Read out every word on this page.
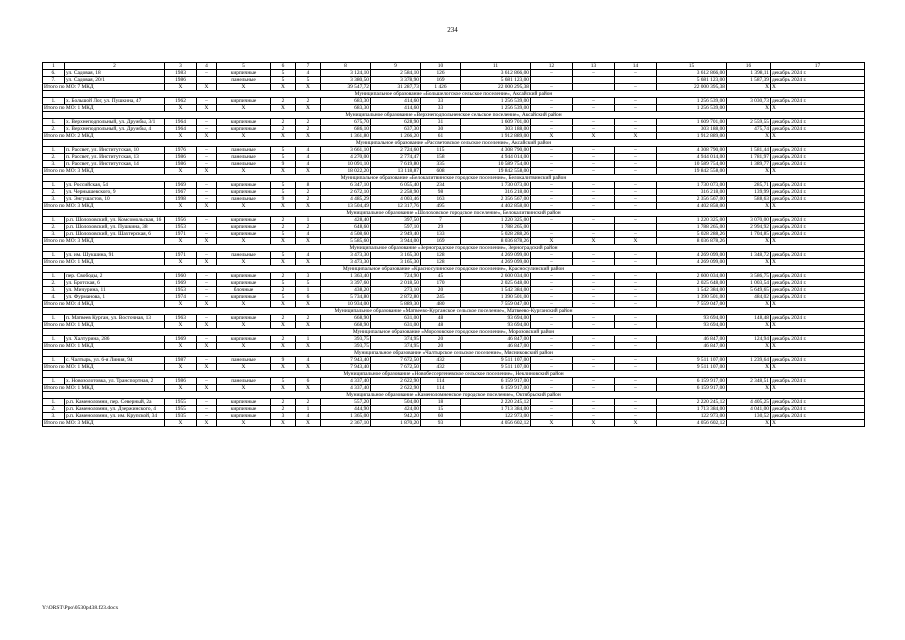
234
1	2	3	4	5	6	7	8	9	10	11	12	13	14	15	16	17
6.	ул. Садовая, 18	1983	–	кирпичные	5	4	3 124,10	2 584,10	126	3 612 866,00	–	–	–	3 612 866,00	1 398,11	декабрь 2024 г.
7.	ул. Садовая, 20/1	1986		панельные	5	5	3 380,50	3 378,90	169	5 681 123,00				5 681 123,00	1 587,39	декабрь 2024 г.
Итого по МО: 7 МКД		X	X	X	X	X	39 547,72	31 287,73	1 426	22 000 295,38	–		–	22 000 395,38	X	X
Муниципальное образование «Большелогское сельское поселение», Аксайский район																
1.	х. Большой Лог, ул. Пушкина, 47	1962	–	кирпичные	2	2	683,30	414,60	33	1 256 539,00	–	–	–	1 256 539,00	3 030,73	декабрь 2024 г.
Итого по МО: 1 МКД		X	X	X	X	X	683,30	414,60	33	1 256 539,00	–	–	–	1 256 539,00	X	X
Муниципальное образование «Верхнеподпольненское сельское поселение», Аксайский район																
1.	х. Верхнеподпольный, ул. Дружбы, 3/1	1964	–	кирпичные	2	2	675,70	628,90	31	1 609 701,00	–	–	–	1 609 701,00	2 559,55	декабрь 2024 г.
2.	х. Верхнеподпольный, ул. Дружбы, 4	1964	–	кирпичные	2	2	686,10	637,30	30	303 188,00	–	–	–	303 188,00	475,74	декабрь 2024 г.
Итого по МО: 2 МКД		X	X	X	X	X	1 361,80	1 266,20	61	1 912 889,00	X	X	X	1 912 889,00	X	X
Муниципальное образование «Рассветовское сельское поселение», Аксайский район																
1.	п. Рассвет, ул. Институтская, 10	1976	–	панельные	5	4	3 661,10	2 724,60	115	4 308 790,00	–	–	–	4 308 790,00	1 581,44	декабрь 2024 г.
2.	п. Рассвет, ул. Институтская, 13	1986	–	панельные	5	4	4 270,00	2 774,47	158	4 944 014,00	–	–	–	4 944 014,00	1 781,97	декабрь 2024 г.
3.	п. Рассвет, ул. Институтская, 14	1986	–	панельные	9	4	10 091,10	7 619,80	335	10 589 754,00	–	–	–	10 589 754,00	1 389,77	декабрь 2024 г.
Итого по МО: 3 МКД		X	X	X	X	X	18 022,20	13 118,87	608	19 842 558,00	–	–	–	19 842 558,00	X	X
Муниципальное образование «Белокалитвинское городское поселение», Белокалитвинский район																
1.	ул. Российская, 54	1969	–	кирпичные	5	8	6 347,10	6 055,40	234	1 730 073,00	–	–	–	1 730 073,00	285,71	декабрь 2024 г.
2.	ул. Чернышевского, 9	1967	–	кирпичные	5	2	2 672,10	2 258,90	98	316 218,00	–	–	–	316 218,00	139,99	декабрь 2024 г.
3.	ул. Энгушастов, 10	1998	–	панельные	9	2	4 485,29	4 003,46	163	2 356 567,00	–	–	–	2 356 567,00	588,63	декабрь 2024 г.
Итого по МО: 3 МКД		X	X	X	X	X	13 504,49	12 317,76	495	4 402 858,00	–	–	–	4 402 858,00	X	X
Муниципальное образование «Шолоховское городское поселение», Белокалитвинский район																
1.	р.п. Шолоховский, ул. Комсомольская, 16	1956	–	кирпичные	2	1	428,40	397,50	7	1 220 325,00	–	–	–	1 220 325,00	3 070,00	декабрь 2024 г.
2.	р.п. Шолоховский, ул. Пушкина, 38	1953		кирпичные	2	2	648,60	597,10	29	1 788 265,00				1 788 265,00	2 994,92	декабрь 2024 г.
3.	р.п. Шолоховский, ул. Шахтерская, 6	1971	–	кирпичные	5	4	4 508,60	2 949,40	133	5 028 288,26	–	–	–	5 028 288,26	1 704,85	декабрь 2024 г.
Итого по МО: 3 МКД		X	X	X	X	X	5 585,60	3 944,00	169	8 036 878,26	X	X	X	8 036 878,26	X	X
Муниципальное образование «Зерноградское городское поселение», Зерноградский район																
1.	ул. им. Шукшина, 91	1971	–	панельные	5	4	3 473,30	3 165,30	128	4 269 099,00	–	–	–	4 269 099,00	1 348,72	декабрь 2024 г.
Итого по МО: 1 МКД		X	X	X	X	X	3 473,30	3 165,30	128	4 269 099,00	–	–	–	4 269 099,00	X	X
Муниципальное образование «Красносулинское городское поселение», Красносулинский район																
1.	пер. Свободы, 2	1960	–	кирпичные	2	3	1 363,40	724,90	45	2 600 034,00	–	–	–	2 600 034,00	3 586,75	декабрь 2024 г.
2.	ул. Бротская, 6	1969	–	кирпичные	5	5	3 397,60	2 018,50	170	2 025 648,00	–	–	–	2 025 648,00	1 003,54	декабрь 2024 г.
3.	ул. Мичурина, 11	1953	–	блочные	2	1	438,20	273,10	20	1 542 384,00	–	–	–	1 542 384,00	5 649,65	декабрь 2024 г.
4.	ул. Фурманова, 1	1974	–	кирпичные	5	6	5 734,80	2 872,80	245	1 390 501,00	–	–	–	1 390 501,00	484,02	декабрь 2024 г.
Итого по МО: 4 МКД		X	X	X	X	X	10 934,00	5 889,30	480	7 559 047,00	–	–	–	7 559 047,00	X	X
Муниципальное образование «Матвеево-Курганское сельское поселение», Матвеево-Курганский район																
1.	п. Матвеев Курган, ул. Восточная, 13	1963	–	кирпичные	2	2	668,90	631,00	48	93 694,00	–	–	–	93 694,00	148,48	декабрь 2024 г.
Итого по МО: 1 МКД		X	X	X	X	X	668,90	631,00	48	93 694,00	–	–	–	93 694,00	X	X
Муниципальное образование «Морозовское городское поселение», Морозовский район																
1.	ул. Халтурина, 286	1969	–	кирпичные	2	1	393,75	374,95	20	46 847,00	–	–	–	46 847,00	124,94	декабрь 2024 г.
Итого по МО: 1 МКД		X	X	X	X	X	393,75	374,95	20	46 847,00	–	–	–	46 847,00	X	X
Муниципальное образование «Чалтырское сельское поселение», Мясниковский район																
1.	с. Чалтырь, ул. 6-я Линия, 94	1987	–	панельные	9	4	7 943,40	7 672,50	432	9 511 107,00	–	–	–	9 511 107,00	1 239,64	декабрь 2024 г.
Итого по МО: 1 МКД		X	X	X	X	X	7 943,40	7 672,50	432	9 511 107,00	–	–	–	9 511 107,00	X	X
Муниципальное образование «Новобессергеневское сельское поселение», Неклиновский район																
1.	х. Новозолотовка, ул. Транспортная, 2	1986	–	панельные	5	6	4 337,40	2 622,90	114	6 159 917,00	–	–	–	6 159 917,00	2 348,51	декабрь 2024 г.
Итого по МО: 1 МКД		X	X	X	X	X	4 337,40	2 622,90	114	6 159 917,00	–	–	–	6 159 917,00	X	X
Муниципальное образование «Каменоломненское городское поселение», Октябрьский район																
1.	р.п. Каменоломни, пер. Северный, 2а	1955	–	кирпичные	2	2	557,20	504,00	18	2 220 245,12	–	–	–	2 220 245,12	4 405,25	декабрь 2024 г.
2.	р.п. Каменоломни, ул. Дзержинского, 4	1955	–	кирпичные	2	1	444,90	424,00	15	1 713 384,00	–	–	–	1 713 384,00	4 041,00	декабрь 2024 г.
3.	р.п. Каменоломни, ул. им. Крупской, 34	1935	–	кирпичные	3	4	1 365,00	942,20	60	122 973,00	–	–	–	122 973,00	130,52	декабрь 2024 г.
Итого по МО: 3 МКД		X	X	X	X	X	2 367,10	1 870,20	93	4 056 602,12	X	X	X	4 056 602,12	X	X
Y:\ORST\Ppo\0530p438.f23.docx
